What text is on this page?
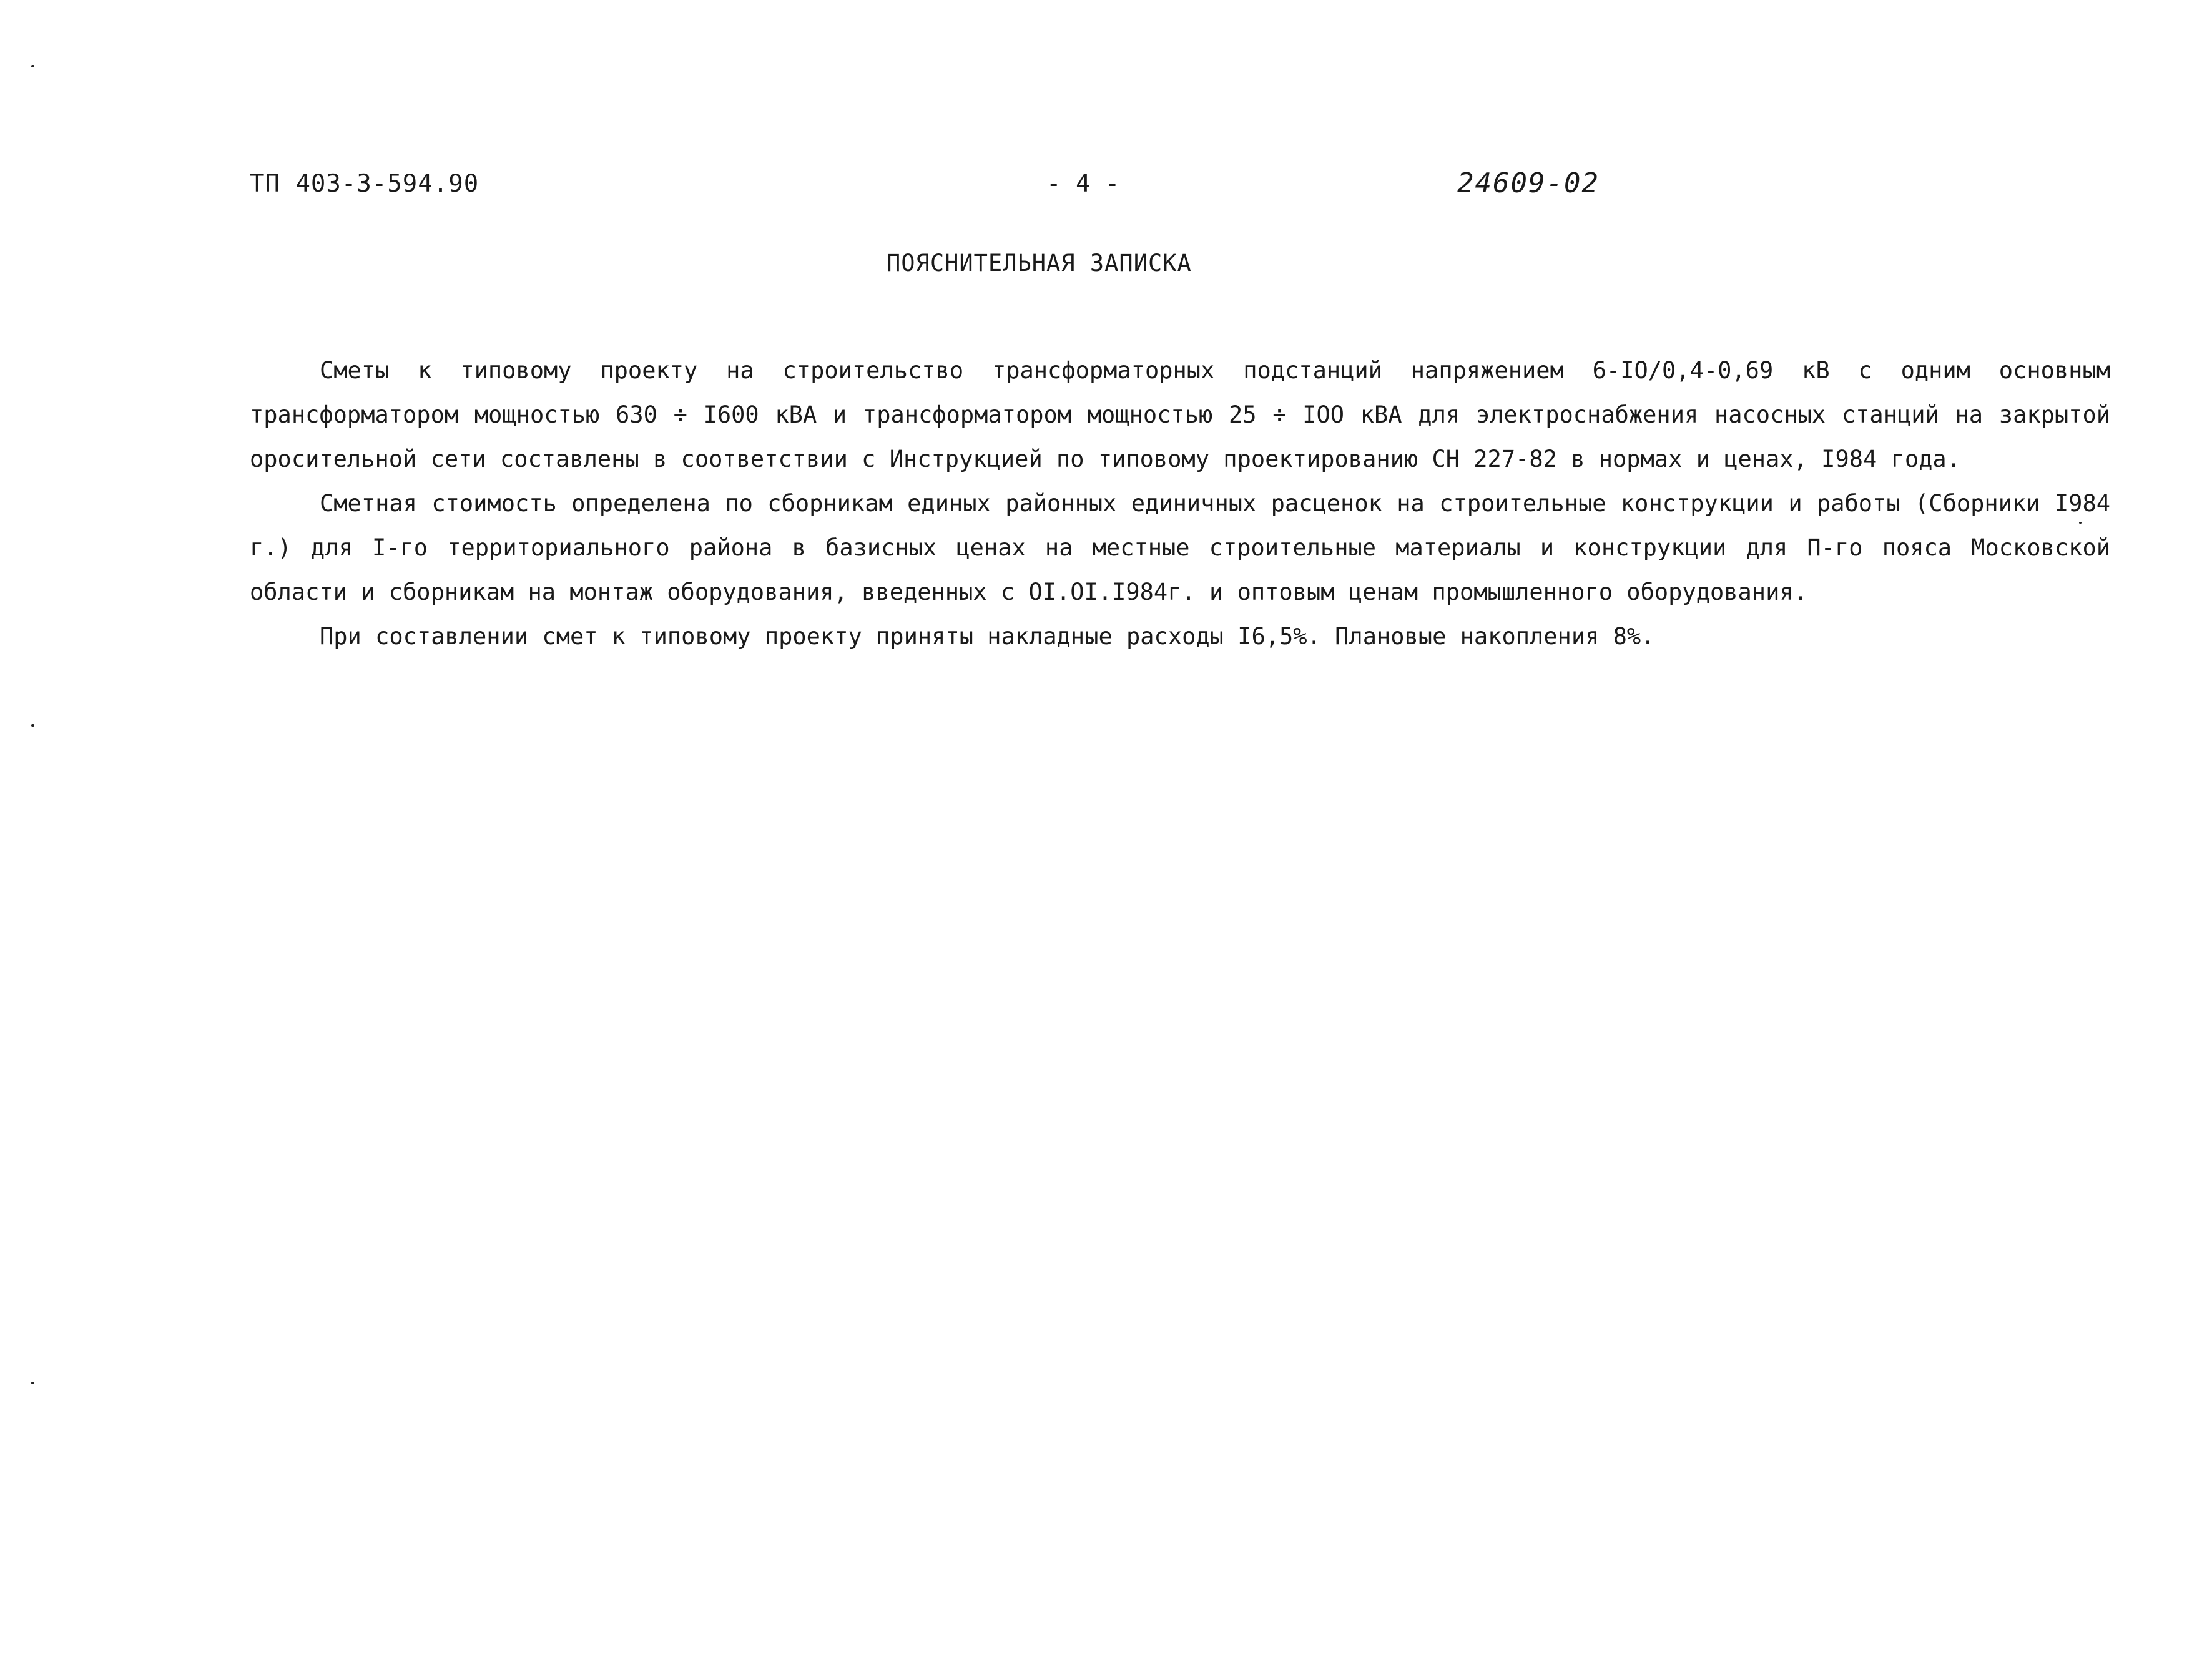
ТП 403-3-594.90	- 4 -	24609-02
ПОЯСНИТЕЛЬНАЯ ЗАПИСКА

Сметы к типовому проекту на строительство трансформаторных подстанций напряжением 6-IO/0,4-0,69 кВ с одним основным трансформатором мощностью 630 ÷ I600 кВА и трансформатором мощностью 25 ÷ IOO кВА для электроснабжения насосных станций на закрытой оросительной сети составлены в соответствии с Инструкцией по типовому проектированию СН 227-82 в нормах и ценах, I984 года.

Сметная стоимость определена по сборникам единых районных единичных расценок на строительные конструкции и работы (Сборники I984 г.) для I-го территориального района в базисных ценах на местные строительные материалы и конструкции для П-го пояса Московской области и сборникам на монтаж оборудования, введенных с OI.OI.I984г. и оптовым ценам промышленного оборудования.

При составлении смет к типовому проекту приняты накладные расходы I6,5%. Плановые накопления 8%.
